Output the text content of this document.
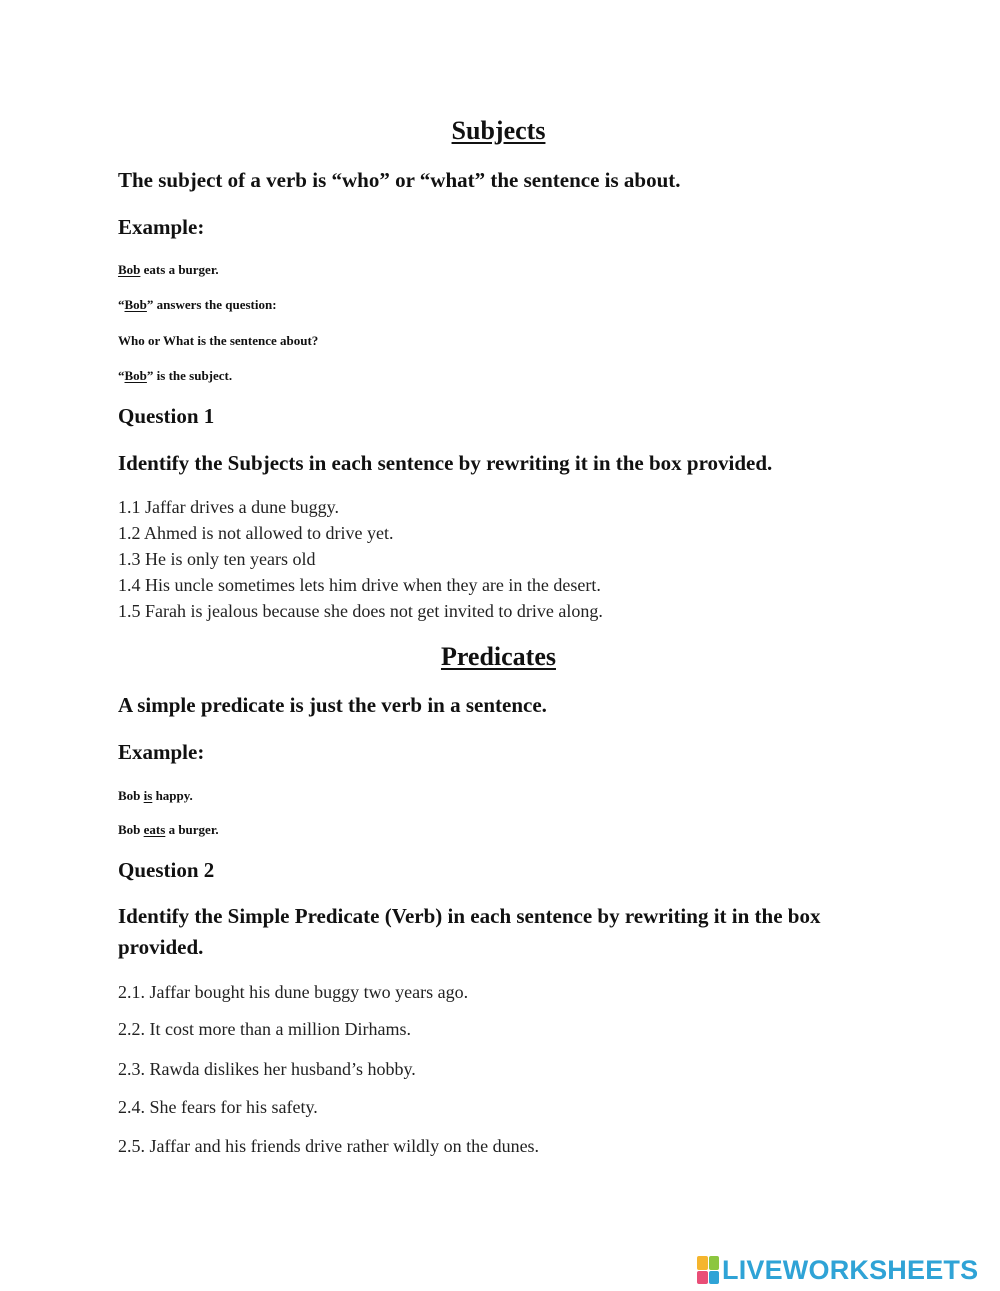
Subjects

The subject of a verb is “who” or “what” the sentence is about.

Example:

Bob eats a burger.

“Bob” answers the question:

Who or What is the sentence about?

“Bob” is the subject.

Question 1

Identify the Subjects in each sentence by rewriting it in the box provided.

1.1 Jaffar drives a dune buggy.

1.2 Ahmed is not allowed to drive yet.

1.3 He is only ten years old

1.4 His uncle sometimes lets him drive when they are in the desert.

1.5 Farah is jealous because she does not get invited to drive along.

Predicates

A simple predicate is just the verb in a sentence.

Example:

Bob is happy.

Bob eats a burger.

Question 2

Identify the Simple Predicate (Verb) in each sentence by rewriting it in the box provided.

2.1. Jaffar bought his dune buggy two years ago.

2.2. It cost more than a million Dirhams.

2.3. Rawda dislikes her husband’s hobby.

2.4. She fears for his safety.

2.5. Jaffar and his friends drive rather wildly on the dunes.

LIVEWORKSHEETS
